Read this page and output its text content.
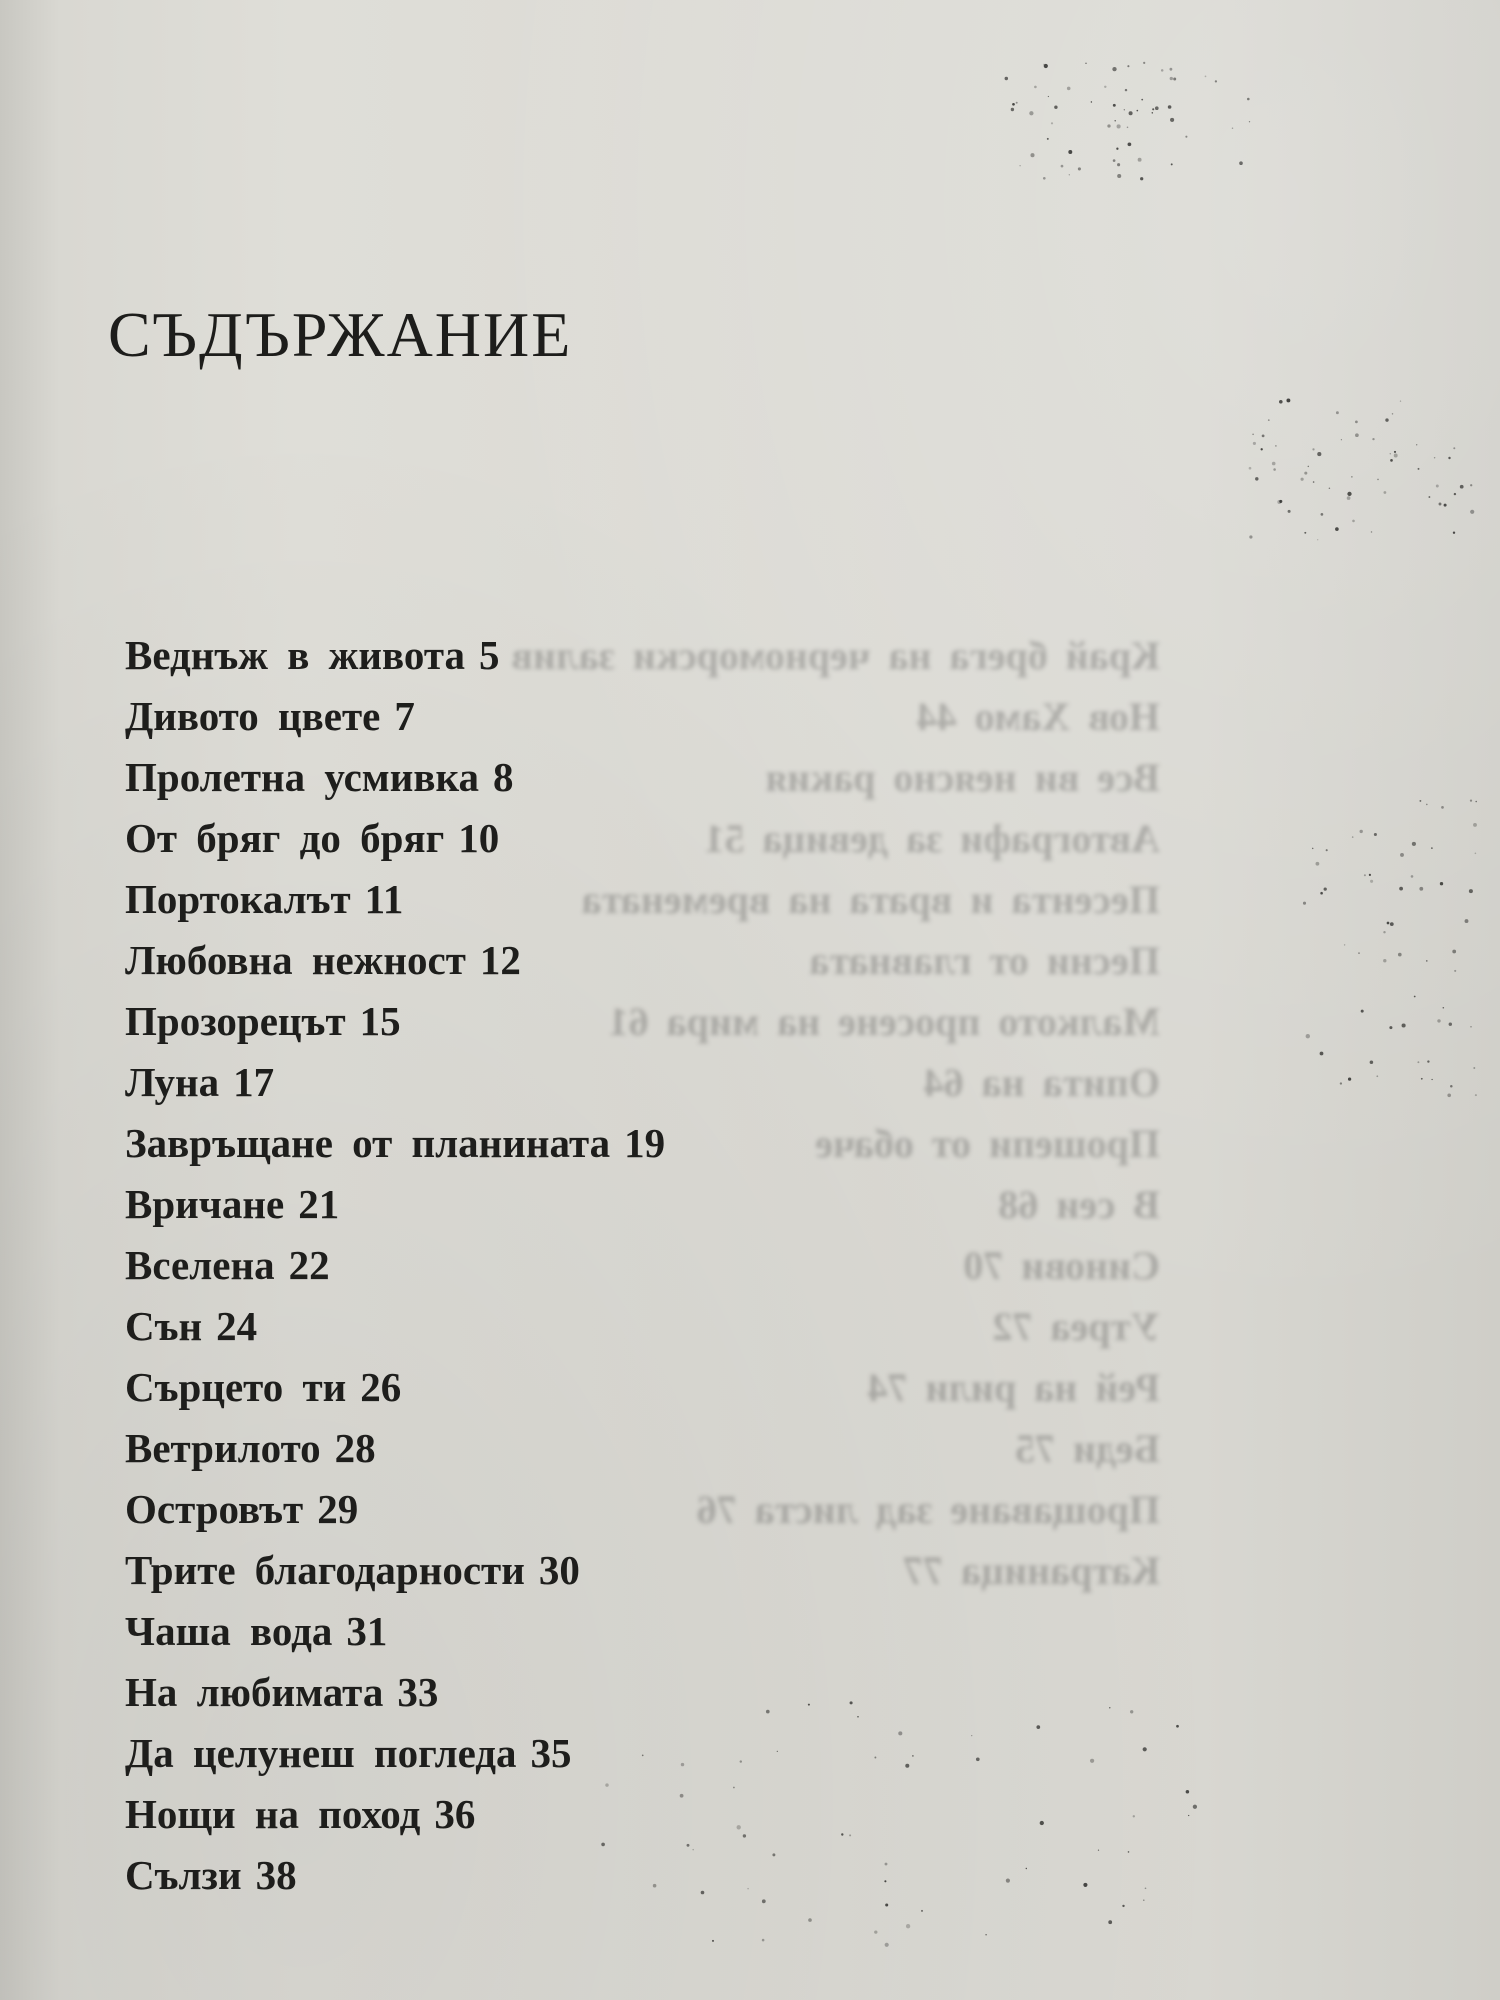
Край брега на черноморски залив
Нов Хамо 44
Все ви неясно ракия
Автографи за девица 51
Песента и врата на времената
Песни от главната
Малкото просене на мира 61
Опита на 64
Прошепи от обаче
В сеи 68
Синови 70
Утреа 72
Рей на рили 74
Беди 75
Прощаване зад листа 76
Катраница 77
СЪДЪРЖАНИЕ
Веднъж в живота 5
Дивото цвете 7
Пролетна усмивка 8
От бряг до бряг 10
Портокалът 11
Любовна нежност 12
Прозорецът 15
Луна 17
Завръщане от планината 19
Вричане 21
Вселена 22
Сън 24
Сърцето ти 26
Ветрилото 28
Островът 29
Трите благодарности 30
Чаша вода 31
На любимата 33
Да целунеш погледа 35
Нощи на поход 36
Сълзи 38
